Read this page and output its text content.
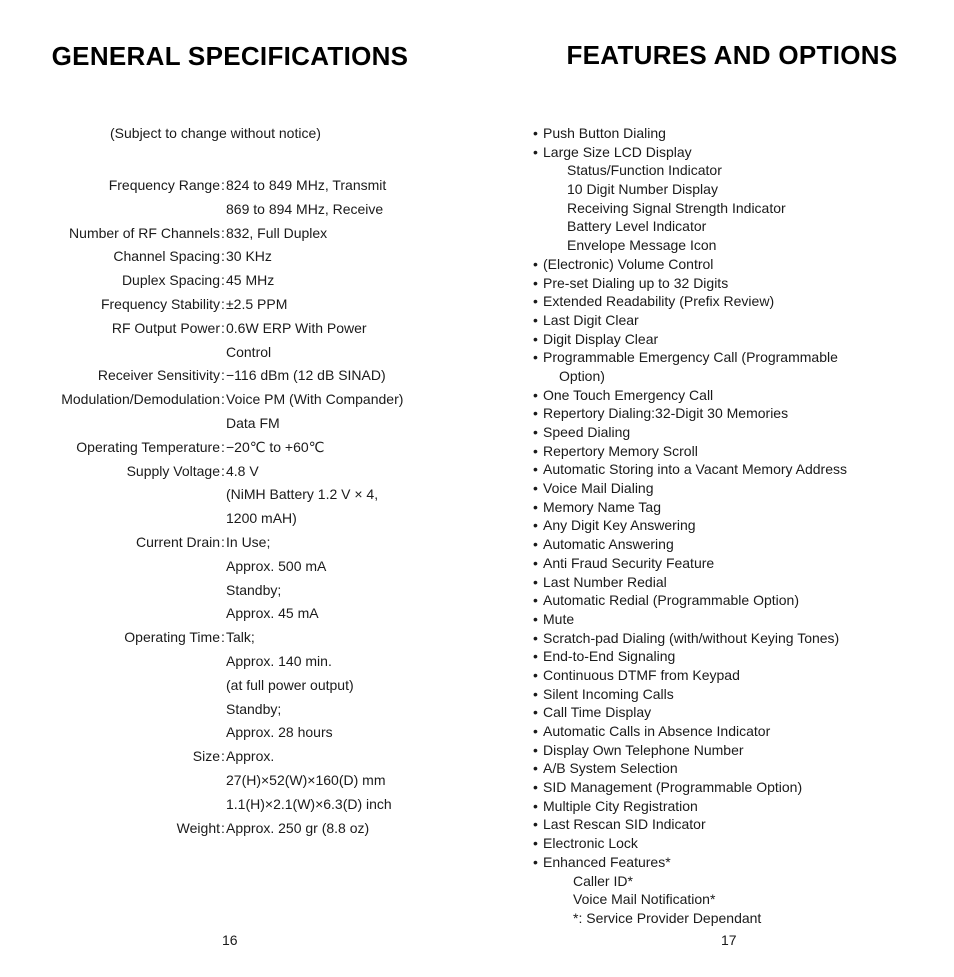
GENERAL SPECIFICATIONS
(Subject to change without notice)
Frequency Range : 824 to 849 MHz, Transmit
869 to 894 MHz, Receive
Number of RF Channels : 832, Full Duplex
Channel Spacing : 30 KHz
Duplex Spacing : 45 MHz
Frequency Stability : ±2.5 PPM
RF Output Power : 0.6W ERP With Power
Control
Receiver Sensitivity : −116 dBm (12 dB SINAD)
Modulation/Demodulation : Voice PM (With Compander)
Data FM
Operating Temperature : −20℃ to +60℃
Supply Voltage : 4.8 V
(NiMH Battery 1.2 V × 4,
1200 mAH)
Current Drain : In Use;
Approx. 500 mA
Standby;
Approx. 45 mA
Operating Time : Talk;
Approx. 140 min.
(at full power output)
Standby;
Approx. 28 hours
Size : Approx.
27(H)×52(W)×160(D) mm
1.1(H)×2.1(W)×6.3(D) inch
Weight : Approx. 250 gr (8.8 oz)
16
FEATURES AND OPTIONS
• Push Button Dialing
• Large Size LCD Display
Status/Function Indicator
10 Digit Number Display
Receiving Signal Strength Indicator
Battery Level Indicator
Envelope Message Icon
• (Electronic) Volume Control
• Pre-set Dialing up to 32 Digits
• Extended Readability (Prefix Review)
• Last Digit Clear
• Digit Display Clear
• Programmable Emergency Call (Programmable
Option)
• One Touch Emergency Call
• Repertory Dialing:32-Digit 30 Memories
• Speed Dialing
• Repertory Memory Scroll
• Automatic Storing into a Vacant Memory Address
• Voice Mail Dialing
• Memory Name Tag
• Any Digit Key Answering
• Automatic Answering
• Anti Fraud Security Feature
• Last Number Redial
• Automatic Redial (Programmable Option)
• Mute
• Scratch-pad Dialing (with/without Keying Tones)
• End-to-End Signaling
• Continuous DTMF from Keypad
• Silent Incoming Calls
• Call Time Display
• Automatic Calls in Absence Indicator
• Display Own Telephone Number
• A/B System Selection
• SID Management (Programmable Option)
• Multiple City Registration
• Last Rescan SID Indicator
• Electronic Lock
• Enhanced Features*
Caller ID*
Voice Mail Notification*
*: Service Provider Dependant
17
